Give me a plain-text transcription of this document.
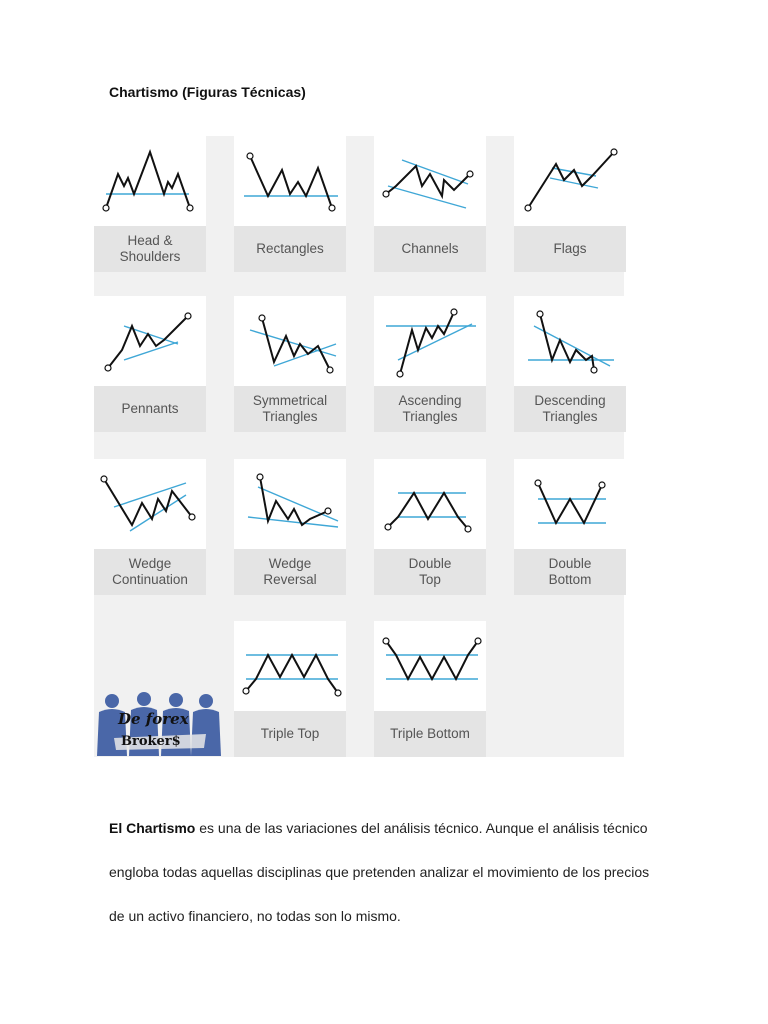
Chartismo (Figuras Técnicas)
Head &
Shoulders
Rectangles	Channels	Flags
Pennants
Symmetrical
Triangles
Ascending
Triangles
Descending
Triangles
Wedge
Continuation
Wedge
Reversal
Double
Top
Double
Bottom
Triple Top	Triple Bottom
De forex
Broker$
El Chartismo es una de las variaciones del análisis técnico. Aunque el análisis técnico
engloba todas aquellas disciplinas que pretenden analizar el movimiento de los precios
de un activo financiero, no todas son lo mismo.
